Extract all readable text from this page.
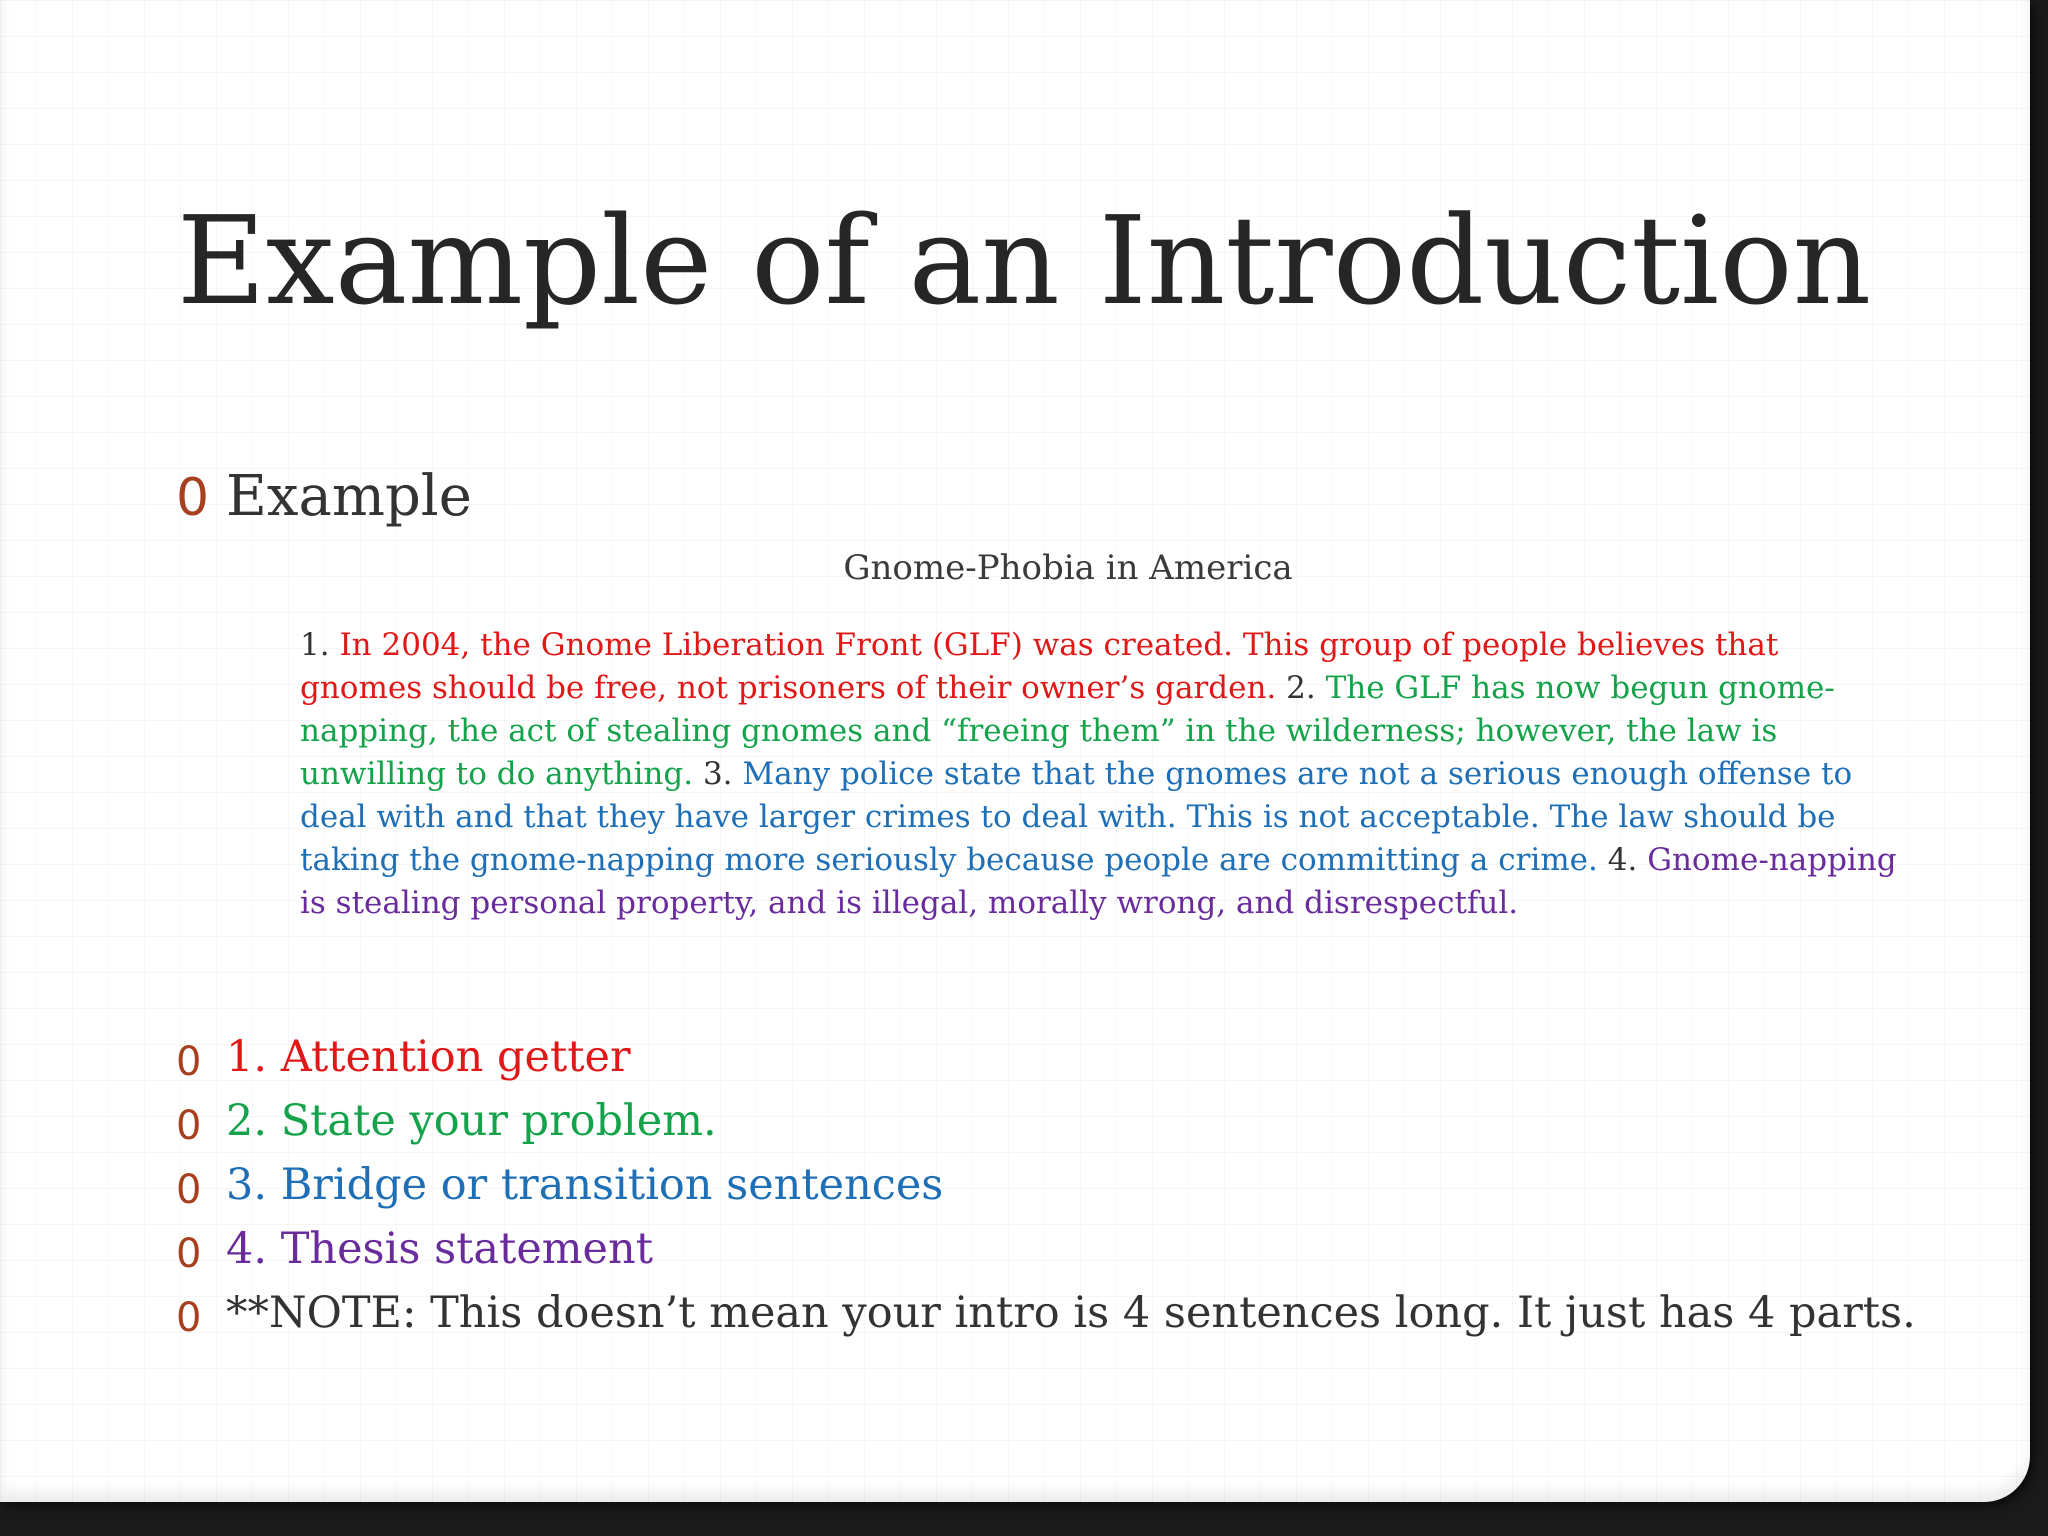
Example of an Introduction
0 Example
Gnome-Phobia in America
1. In 2004, the Gnome Liberation Front (GLF) was created. This group of people believes that gnomes should be free, not prisoners of their owner’s garden. 2. The GLF has now begun gnome-napping, the act of stealing gnomes and “freeing them” in the wilderness; however, the law is unwilling to do anything. 3. Many police state that the gnomes are not a serious enough offense to deal with and that they have larger crimes to deal with. This is not acceptable. The law should be taking the gnome-napping more seriously because people are committing a crime. 4. Gnome-napping is stealing personal property, and is illegal, morally wrong, and disrespectful.
0 1. Attention getter
0 2. State your problem.
0 3. Bridge or transition sentences
0 4. Thesis statement
0 **NOTE: This doesn’t mean your intro is 4 sentences long. It just has 4 parts.
